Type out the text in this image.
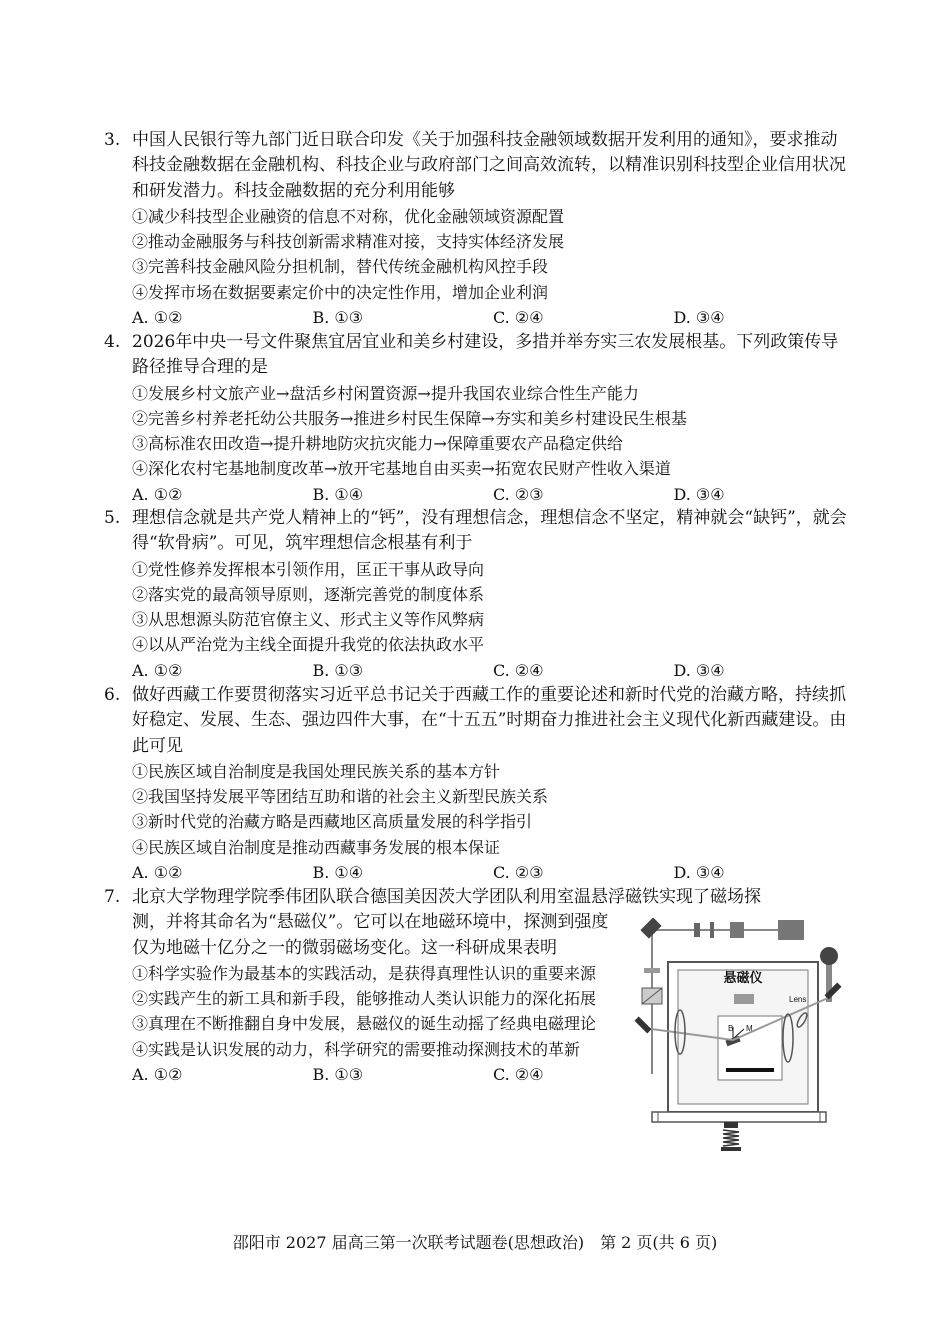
3. 中国人民银行等九部门近日联合印发《关于加强科技金融领域数据开发利用的通知》，要求推动科技金融数据在金融机构、科技企业与政府部门之间高效流转，以精准识别科技型企业信用状况和研发潜力。科技金融数据的充分利用能够

①减少科技型企业融资的信息不对称，优化金融领域资源配置

②推动金融服务与科技创新需求精准对接，支持实体经济发展

③完善科技金融风险分担机制，替代传统金融机构风控手段

④发挥市场在数据要素定价中的决定性作用，增加企业利润

A. ①②	B. ①③	C. ②④	D. ③④

4. 2026年中央一号文件聚焦宜居宜业和美乡村建设，多措并举夯实三农发展根基。下列政策传导路径推导合理的是

①发展乡村文旅产业→盘活乡村闲置资源→提升我国农业综合性生产能力

②完善乡村养老托幼公共服务→推进乡村民生保障→夯实和美乡村建设民生根基

③高标准农田改造→提升耕地防灾抗灾能力→保障重要农产品稳定供给

④深化农村宅基地制度改革→放开宅基地自由买卖→拓宽农民财产性收入渠道

A. ①②	B. ①④	C. ②③	D. ③④

5. 理想信念就是共产党人精神上的“钙”，没有理想信念，理想信念不坚定，精神就会“缺钙”，就会得“软骨病”。可见，筑牢理想信念根基有利于

①党性修养发挥根本引领作用，匡正干事从政导向

②落实党的最高领导原则，逐渐完善党的制度体系

③从思想源头防范官僚主义、形式主义等作风弊病

④以从严治党为主线全面提升我党的依法执政水平

A. ①②	B. ①③	C. ②④	D. ③④

6. 做好西藏工作要贯彻落实习近平总书记关于西藏工作的重要论述和新时代党的治藏方略，持续抓好稳定、发展、生态、强边四件大事，在“十五五”时期奋力推进社会主义现代化新西藏建设。由此可见

①民族区域自治制度是我国处理民族关系的基本方针

②我国坚持发展平等团结互助和谐的社会主义新型民族关系

③新时代党的治藏方略是西藏地区高质量发展的科学指引

④民族区域自治制度是推动西藏事务发展的根本保证

A. ①②	B. ①④	C. ②③	D. ③④

7. 北京大学物理学院季伟团队联合德国美因茨大学团队利用室温悬浮磁铁实现了磁场探

测，并将其命名为“悬磁仪”。它可以在地磁环境中，探测到强度仅为地磁十亿分之一的微弱磁场变化。这一科研成果表明

①科学实验作为最基本的实践活动，是获得真理性认识的重要来源

②实践产生的新工具和新手段，能够推动人类认识能力的深化拓展

③真理在不断推翻自身中发展，悬磁仪的诞生动摇了经典电磁理论

④实践是认识发展的动力，科学研究的需要推动探测技术的革新

A. ①②	B. ①③	C. ②④
悬磁仪
B M
Lens
邵阳市 2027 届高三第一次联考试题卷(思想政治)　第 2 页(共 6 页)
